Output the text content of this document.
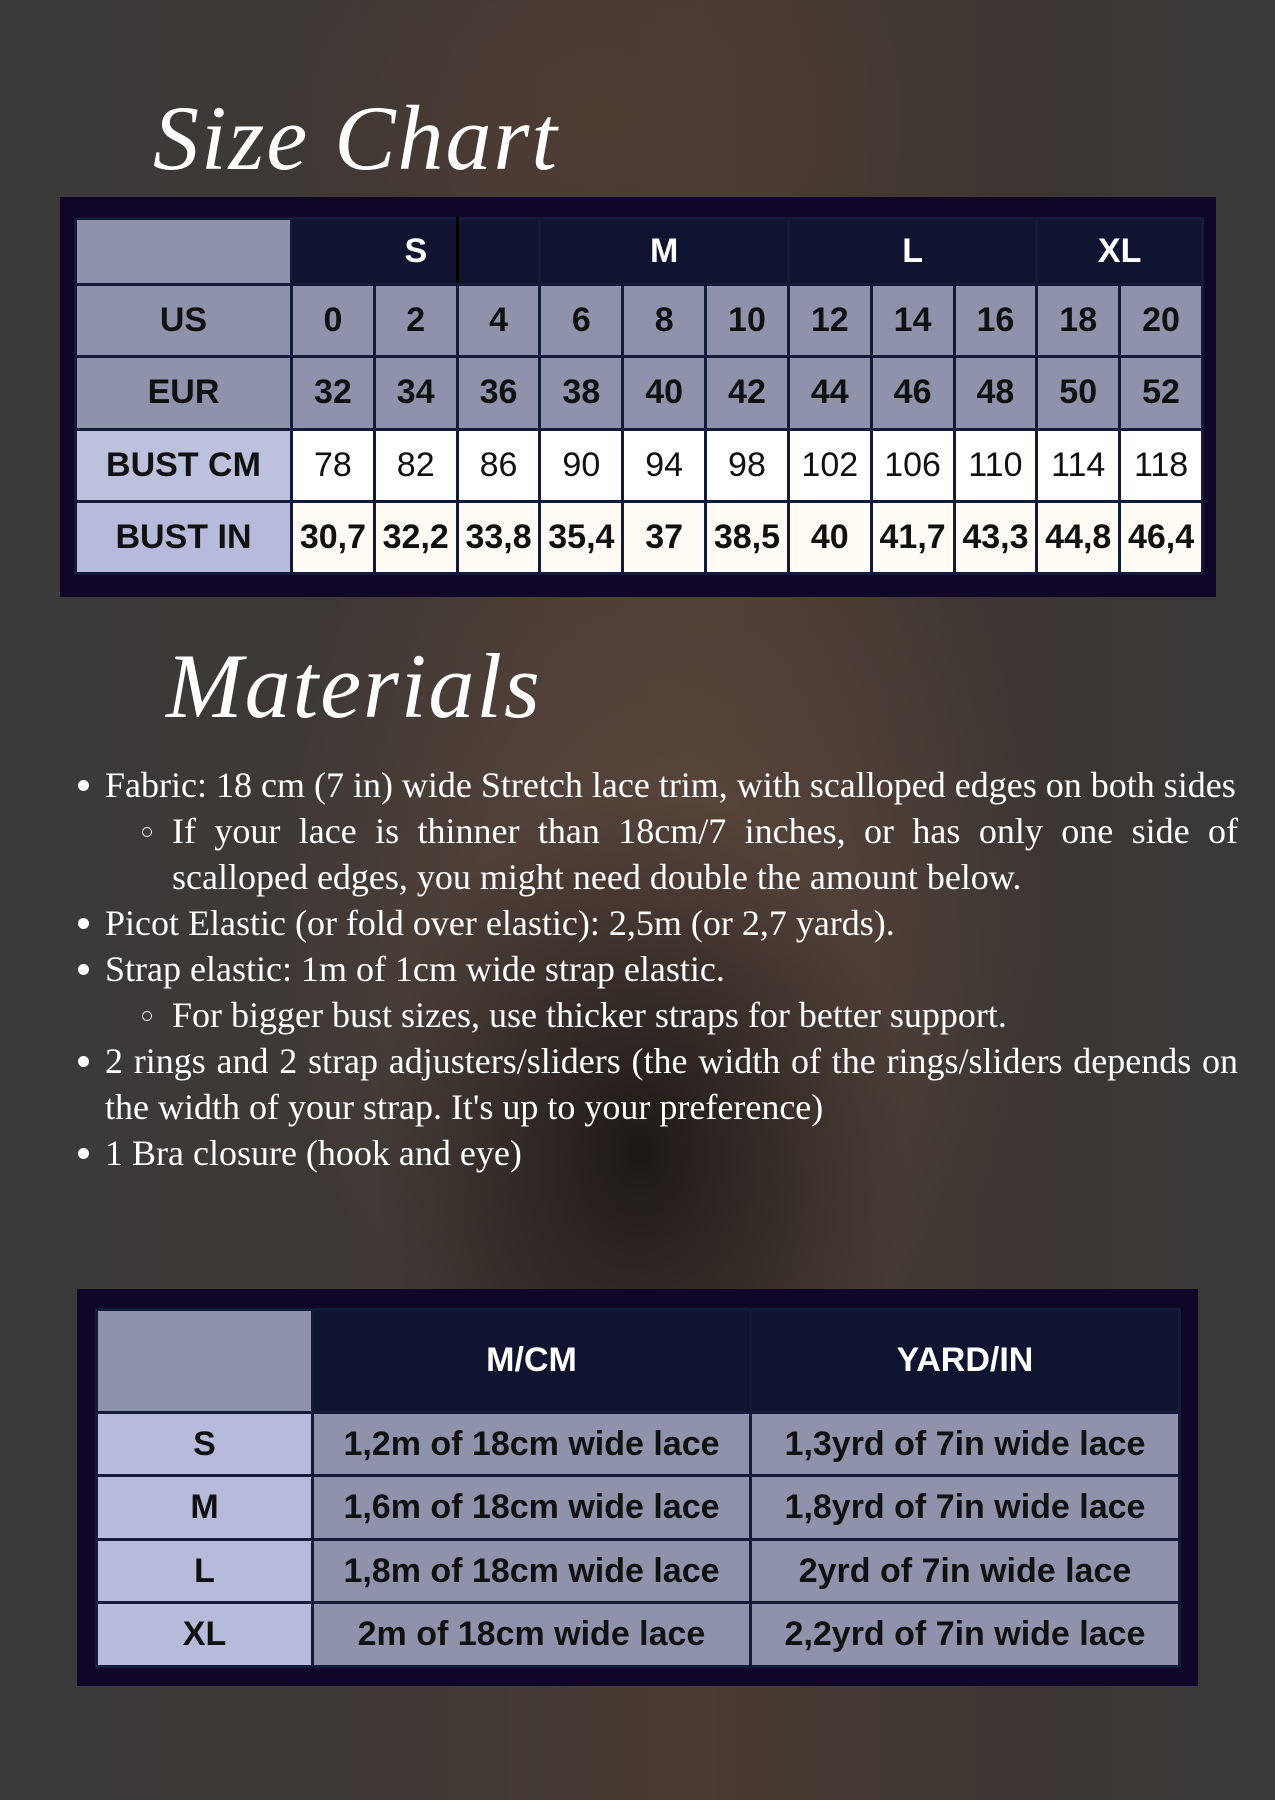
Size Chart
	S			M			L			XL	
US	0	2	4	6	8	10	12	14	16	18	20
EUR	32	34	36	38	40	42	44	46	48	50	52
BUST CM	78	82	86	90	94	98	102	106	110	114	118
BUST IN	30,7	32,2	33,8	35,4	37	38,5	40	41,7	43,3	44,8	46,4
Materials
Fabric: 18 cm (7 in) wide Stretch lace trim, with scalloped edges on both sides
If your lace is thinner than 18cm/7 inches, or has only one side of scalloped edges, you might need double the amount below.
Picot Elastic (or fold over elastic): 2,5m (or 2,7 yards).
Strap elastic: 1m of 1cm wide strap elastic.
For bigger bust sizes, use thicker straps for better support.
2 rings and 2 strap adjusters/sliders (the width of the rings/sliders depends on the width of your strap. It's up to your preference)
1 Bra closure (hook and eye)
	M/CM	YARD/IN
S	1,2m of 18cm wide lace	1,3yrd of 7in wide lace
M	1,6m of 18cm wide lace	1,8yrd of 7in wide lace
L	1,8m of 18cm wide lace	2yrd of 7in wide lace
XL	2m of 18cm wide lace	2,2yrd of 7in wide lace
